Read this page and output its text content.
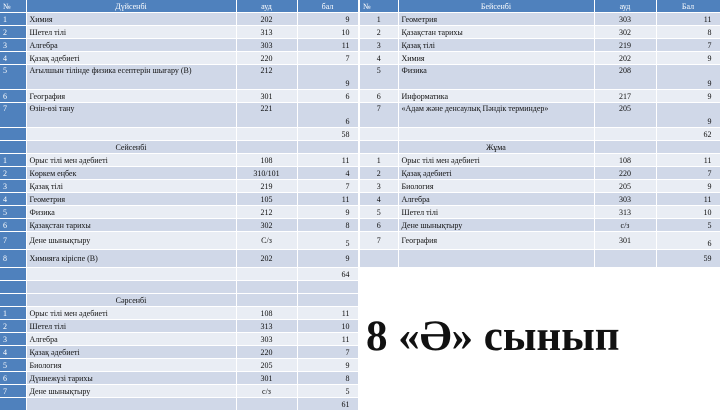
№	Дүйсенбі	ауд	бал
1	Химия	202	9
2	Шетел тілі	313	10
3	Алгебра	303	11
4	Қазақ әдебиеті	220	7
5	Ағылшын тілінде физика есептерін шығару (В)	212	9
6	География	301	6
7	Өзін-өзі тану	221	6
			58
	Сейсенбі		
1	Орыс тілі мен әдебиеті	108	11
2	Көркем еңбек	310/101	4
3	Қазақ тілі	219	7
4	Геометрия	105	11
5	Физика	212	9
6	Қазақстан тарихы	302	8
7	Дене шынықтыру	С/з	5
8	Химияға кіріспе (В)	202	9
			64

	Сәрсенбі		
1	Орыс тілі мен әдебиеті	108	11
2	Шетел тілі	313	10
3	Алгебра	303	11
4	Қазақ әдебиеті	220	7
5	Биология	205	9
6	Дүниежүзі тарихы	301	8
7	Дене шынықтыру	с/з	5
			61
№	Бейсенбі	ауд	Бал
1	Геометрия	303	11
2	Қазақстан тарихы	302	8
3	Қазақ тілі	219	7
4	Химия	202	9
5	Физика	208	9
6	Информатика	217	9
7	«Адам және денсаулық Пәндік терминдер»	205	9
			62
	Жұма		
1	Орыс тілі мен әдебиеті	108	11
2	Қазақ әдебиеті	220	7
3	Биология	205	9
4	Алгебра	303	11
5	Шетел тілі	313	10
6	Дене шынықтыру	с/з	5
7	География	301	6
			59
8 «Ә» сынып
